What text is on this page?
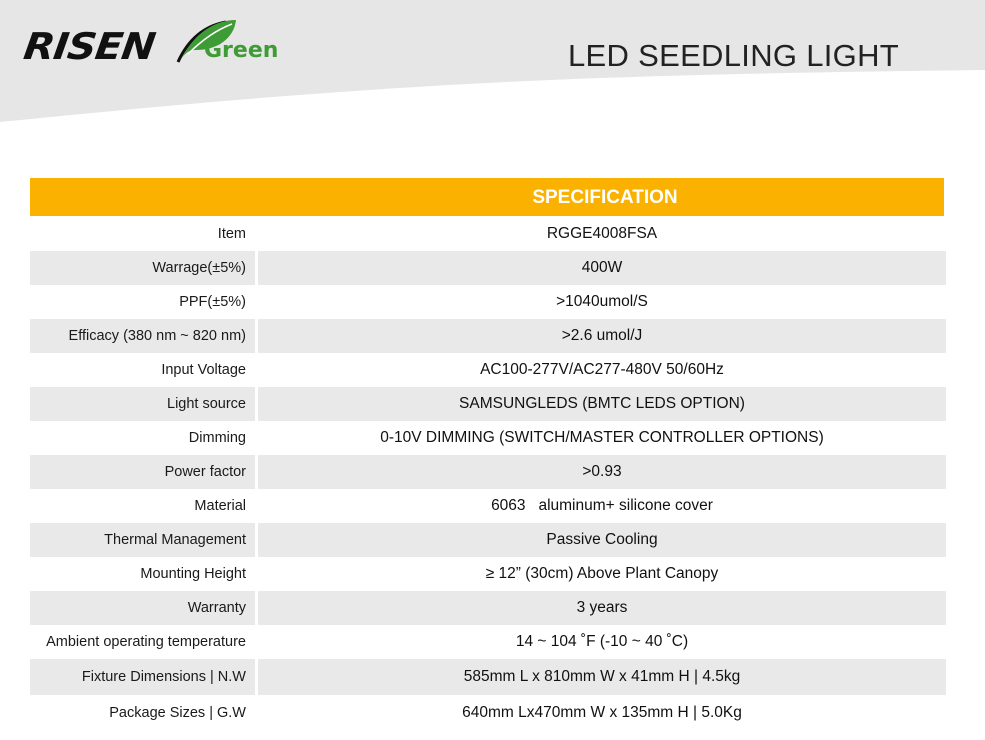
RISEN Green	LED SEEDLING LIGHT
SPECIFICATION
Item	RGGE4008FSA
Warrage(±5%)	400W
PPF(±5%)	>1040umol/S
Efficacy (380 nm ~ 820 nm)	>2.6 umol/J
Input Voltage	AC100-277V/AC277-480V 50/60Hz
Light source	SAMSUNGLEDS (BMTC LEDS OPTION)
Dimming	0-10V DIMMING (SWITCH/MASTER CONTROLLER OPTIONS)
Power factor	>0.93
Material	6063   aluminum+ silicone cover
Thermal Management	Passive Cooling
Mounting Height	≥ 12” (30cm) Above Plant Canopy
Warranty	3 years
Ambient operating temperature	14 ~ 104 ˚F (-10 ~ 40 ˚C)
Fixture Dimensions | N.W	585mm L x 810mm W x 41mm H | 4.5kg
Package Sizes | G.W	640mm Lx470mm W x 135mm H | 5.0Kg
